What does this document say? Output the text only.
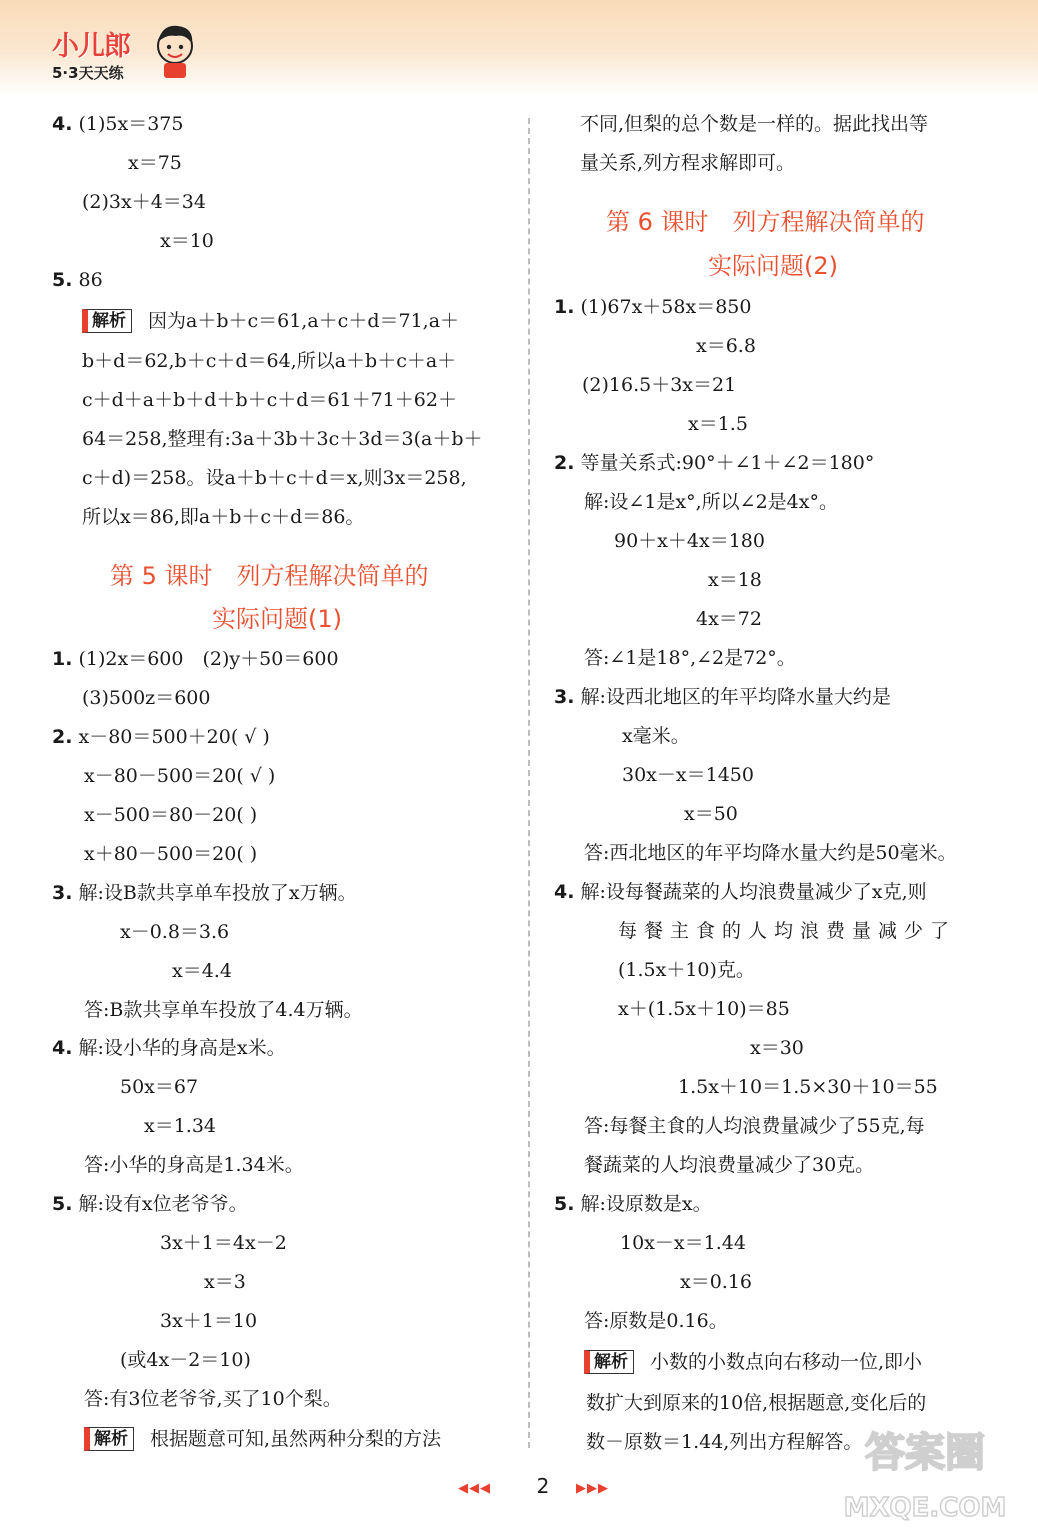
小儿郎
5·3天天练
4. (1)5x＝375
x＝75
(2)3x＋4＝34
x＝10
5. 86
解析 因为a＋b＋c＝61,a＋c＋d＝71,a＋
b＋d＝62,b＋c＋d＝64,所以a＋b＋c＋a＋
c＋d＋a＋b＋d＋b＋c＋d＝61＋71＋62＋
64＝258,整理有:3a＋3b＋3c＋3d＝3(a＋b＋
c＋d)＝258。设a＋b＋c＋d＝x,则3x＝258,
所以x＝86,即a＋b＋c＋d＝86。
第 5 课时　列方程解决简单的
实际问题(1)
1. (1)2x＝600　(2)y＋50＝600
(3)500z＝600
2. x－80＝500＋20( √ )
x－80－500＝20( √ )
x－500＝80－20( )
x＋80－500＝20( )
3. 解:设B款共享单车投放了x万辆。
x－0.8＝3.6
x＝4.4
答:B款共享单车投放了4.4万辆。
4. 解:设小华的身高是x米。
50x＝67
x＝1.34
答:小华的身高是1.34米。
5. 解:设有x位老爷爷。
3x＋1＝4x－2
x＝3
3x＋1＝10
(或4x－2＝10)
答:有3位老爷爷,买了10个梨。
解析 根据题意可知,虽然两种分梨的方法
不同,但梨的总个数是一样的。据此找出等
量关系,列方程求解即可。
第 6 课时　列方程解决简单的
实际问题(2)
1. (1)67x＋58x＝850
x＝6.8
(2)16.5＋3x＝21
x＝1.5
2. 等量关系式:90°＋∠1＋∠2＝180°
解:设∠1是x°,所以∠2是4x°。
90＋x＋4x＝180
x＝18
4x＝72
答:∠1是18°,∠2是72°。
3. 解:设西北地区的年平均降水量大约是
x毫米。
30x－x＝1450
x＝50
答:西北地区的年平均降水量大约是50毫米。
4. 解:设每餐蔬菜的人均浪费量减少了x克,则
每餐主食的人均浪费量减少了
(1.5x＋10)克。
x＋(1.5x＋10)＝85
x＝30
1.5x＋10＝1.5×30＋10＝55
答:每餐主食的人均浪费量减少了55克,每
餐蔬菜的人均浪费量减少了30克。
5. 解:设原数是x。
10x－x＝1.44
x＝0.16
答:原数是0.16。
解析 小数的小数点向右移动一位,即小
数扩大到原来的10倍,根据题意,变化后的
数－原数＝1.44,列出方程解答。
◀◀◀	2	▶▶▶
答案圈
MXQE.COM
